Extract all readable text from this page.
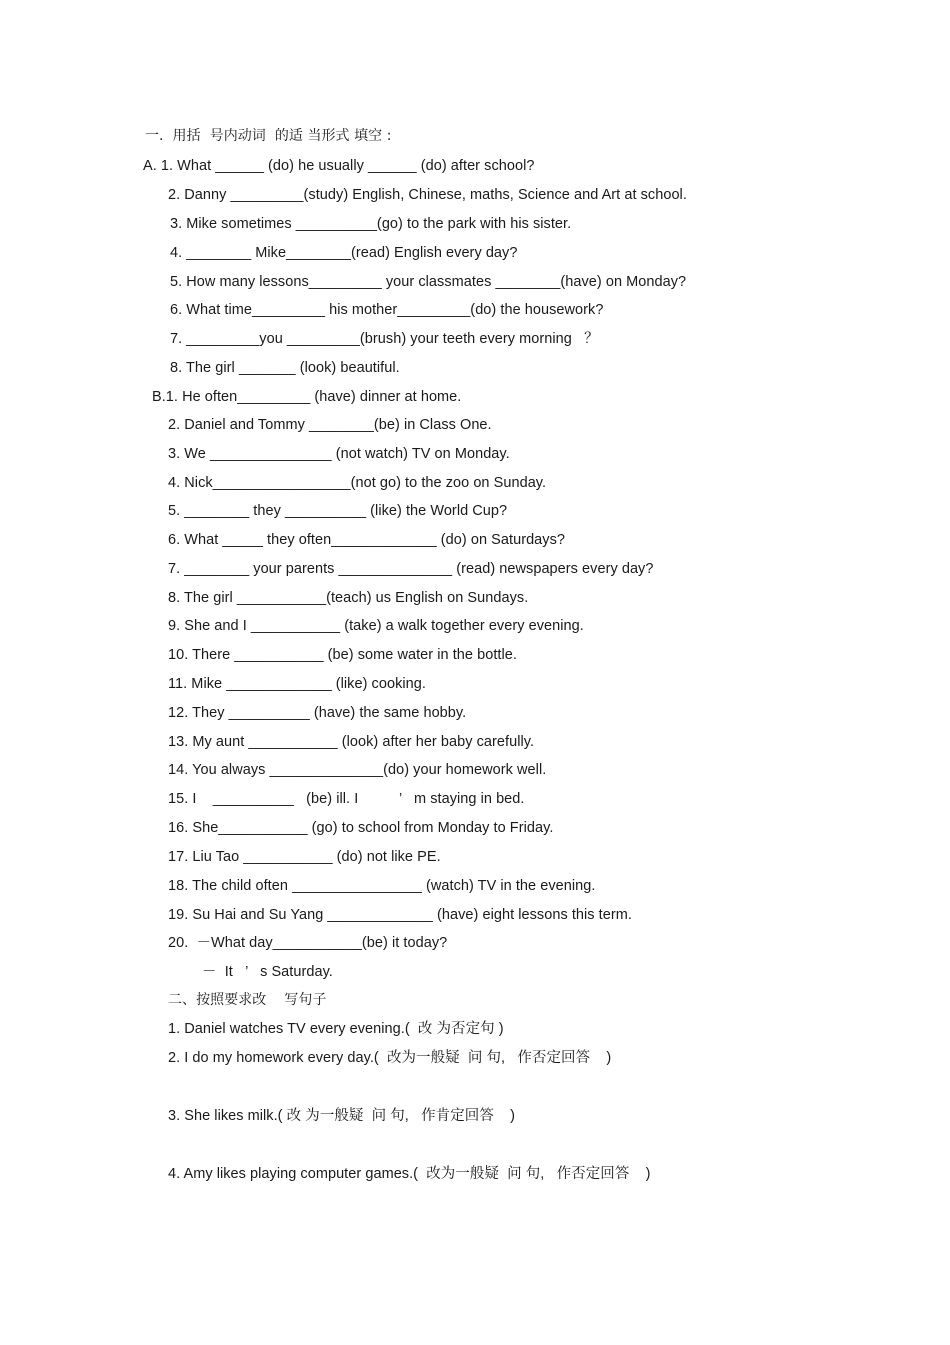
一.  用括  号内动词  的适 当形式 填空 :
A. 1. What ______ (do) he usually ______ (do) after school?
2. Danny _________(study) English, Chinese, maths, Science and Art at school.
3. Mike sometimes __________(go) to the park with his sister.
4. ________ Mike________(read) English every day?
5. How many lessons_________ your classmates ________(have) on Monday?
6. What time_________ his mother_________(do) the housework?
7. _________you _________(brush) your teeth every morning   ？
8. The girl _______ (look) beautiful.
B.1. He often_________ (have) dinner at home.
2. Daniel and Tommy ________(be) in Class One.
3. We _______________ (not watch) TV on Monday.
4. Nick_________________(not go) to the zoo on Sunday.
5. ________ they __________ (like) the World Cup?
6. What _____ they often_____________ (do) on Saturdays?
7. ________ your parents ______________ (read) newspapers every day?
8. The girl ___________(teach) us English on Sundays.
9. She and I ___________ (take) a walk together every evening.
10. There ___________ (be) some water in the bottle.
11. Mike _____________ (like) cooking.
12. They __________ (have) the same hobby.
13. My aunt ___________ (look) after her baby carefully.
14. You always ______________(do) your homework well.
15. I    __________   (be) ill. I          ’   m staying in bed.
16. She___________ (go) to school from Monday to Friday.
17. Liu Tao ___________ (do) not like PE.
18. The child often ________________ (watch) TV in the evening.
19. Su Hai and Su Yang _____________ (have) eight lessons this term.
20.  －What day___________(be) it today?
－  It   ’   s Saturday.
二、按照要求改    写句子
1. Daniel watches TV every evening.(  改 为否定句 )
2. I do my homework every day.(  改为一般疑  问 句,   作否定回答    )
3. She likes milk.( 改 为一般疑  问 句,   作肯定回答    )
4. Amy likes playing computer games.(  改为一般疑  问 句,   作否定回答    )
